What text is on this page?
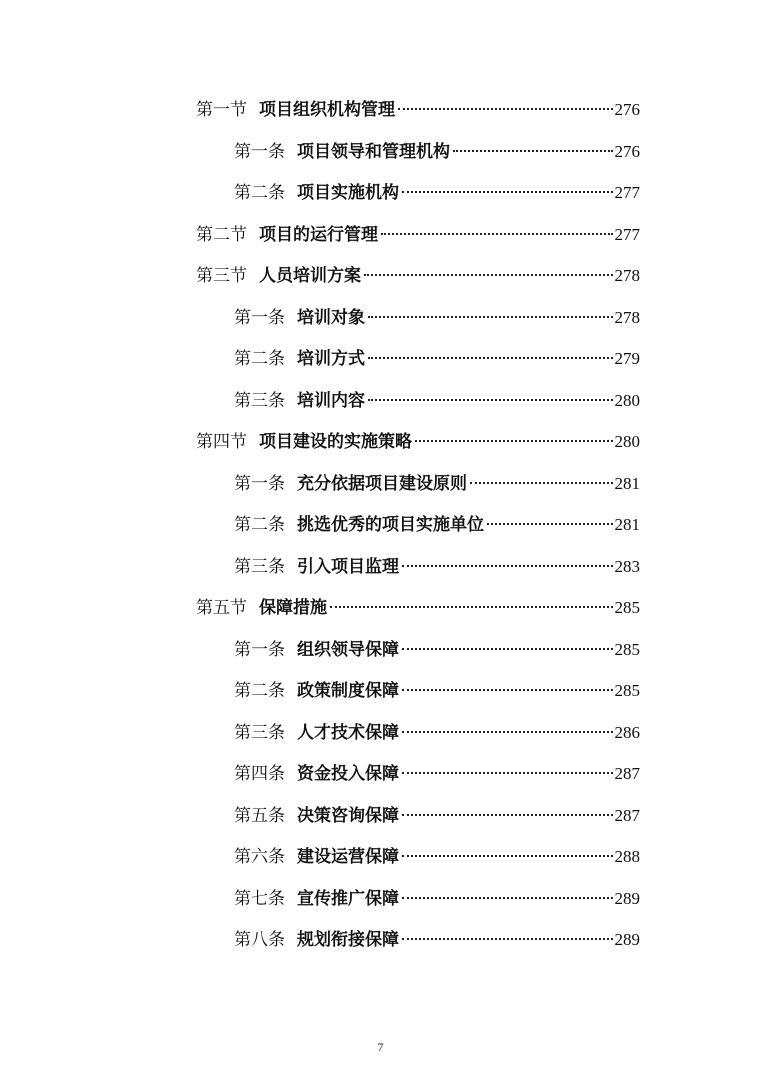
第一节 项目组织机构管理	276
第一条 项目领导和管理机构	276
第二条 项目实施机构	277
第二节 项目的运行管理	277
第三节 人员培训方案	278
第一条 培训对象	278
第二条 培训方式	279
第三条 培训内容	280
第四节 项目建设的实施策略	280
第一条 充分依据项目建设原则	281
第二条 挑选优秀的项目实施单位	281
第三条 引入项目监理	283
第五节 保障措施	285
第一条 组织领导保障	285
第二条 政策制度保障	285
第三条 人才技术保障	286
第四条 资金投入保障	287
第五条 决策咨询保障	287
第六条 建设运营保障	288
第七条 宣传推广保障	289
第八条 规划衔接保障	289
7
